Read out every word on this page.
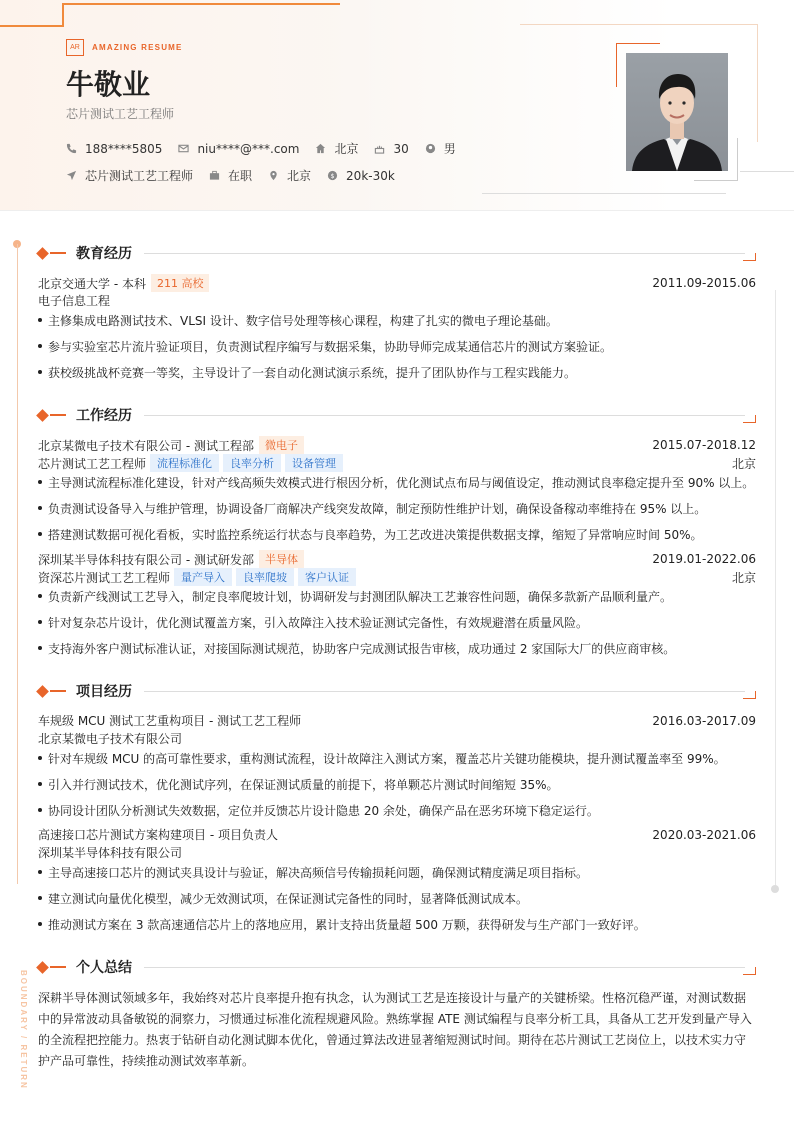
AR	AMAZING RESUME
牛敬业
芯片测试工艺工程师
188****5805	niu****@***.com	北京	30	男
芯片测试工艺工程师	在职	北京	$ 20k-30k
BOUNDARY / RETURN
教育经历
北京交通大学 - 本科	211 高校	2011.09-2015.06
电子信息工程
主修集成电路测试技术、VLSI 设计、数字信号处理等核心课程，构建了扎实的微电子理论基础。
参与实验室芯片流片验证项目，负责测试程序编写与数据采集，协助导师完成某通信芯片的测试方案验证。
获校级挑战杯竞赛一等奖，主导设计了一套自动化测试演示系统，提升了团队协作与工程实践能力。
工作经历
北京某微电子技术有限公司 - 测试工程部	微电子	2015.07-2018.12
芯片测试工艺工程师	流程标准化	良率分析	设备管理	北京
主导测试流程标准化建设，针对产线高频失效模式进行根因分析，优化测试点布局与阈值设定，推动测试良率稳定提升至 90% 以上。
负责测试设备导入与维护管理，协调设备厂商解决产线突发故障，制定预防性维护计划，确保设备稼动率维持在 95% 以上。
搭建测试数据可视化看板，实时监控系统运行状态与良率趋势，为工艺改进决策提供数据支撑，缩短了异常响应时间 50%。
深圳某半导体科技有限公司 - 测试研发部	半导体	2019.01-2022.06
资深芯片测试工艺工程师	量产导入	良率爬坡	客户认证	北京
负责新产线测试工艺导入，制定良率爬坡计划，协调研发与封测团队解决工艺兼容性问题，确保多款新产品顺利量产。
针对复杂芯片设计，优化测试覆盖方案，引入故障注入技术验证测试完备性，有效规避潜在质量风险。
支持海外客户测试标准认证，对接国际测试规范，协助客户完成测试报告审核，成功通过 2 家国际大厂的供应商审核。
项目经历
车规级 MCU 测试工艺重构项目 - 测试工艺工程师	2016.03-2017.09
北京某微电子技术有限公司
针对车规级 MCU 的高可靠性要求，重构测试流程，设计故障注入测试方案，覆盖芯片关键功能模块，提升测试覆盖率至 99%。
引入并行测试技术，优化测试序列，在保证测试质量的前提下，将单颗芯片测试时间缩短 35%。
协同设计团队分析测试失效数据，定位并反馈芯片设计隐患 20 余处，确保产品在恶劣环境下稳定运行。
高速接口芯片测试方案构建项目 - 项目负责人	2020.03-2021.06
深圳某半导体科技有限公司
主导高速接口芯片的测试夹具设计与验证，解决高频信号传输损耗问题，确保测试精度满足项目指标。
建立测试向量优化模型，减少无效测试项，在保证测试完备性的同时，显著降低测试成本。
推动测试方案在 3 款高速通信芯片上的落地应用，累计支持出货量超 500 万颗，获得研发与生产部门一致好评。
个人总结
深耕半导体测试领域多年，我始终对芯片良率提升抱有执念，认为测试工艺是连接设计与量产的关键桥梁。性格沉稳严谨，对测试数据中的异常波动具备敏锐的洞察力，习惯通过标准化流程规避风险。熟练掌握 ATE 测试编程与良率分析工具，具备从工艺开发到量产导入的全流程把控能力。热衷于钻研自动化测试脚本优化，曾通过算法改进显著缩短测试时间。期待在芯片测试工艺岗位上，以技术实力守护产品可靠性，持续推动测试效率革新。
